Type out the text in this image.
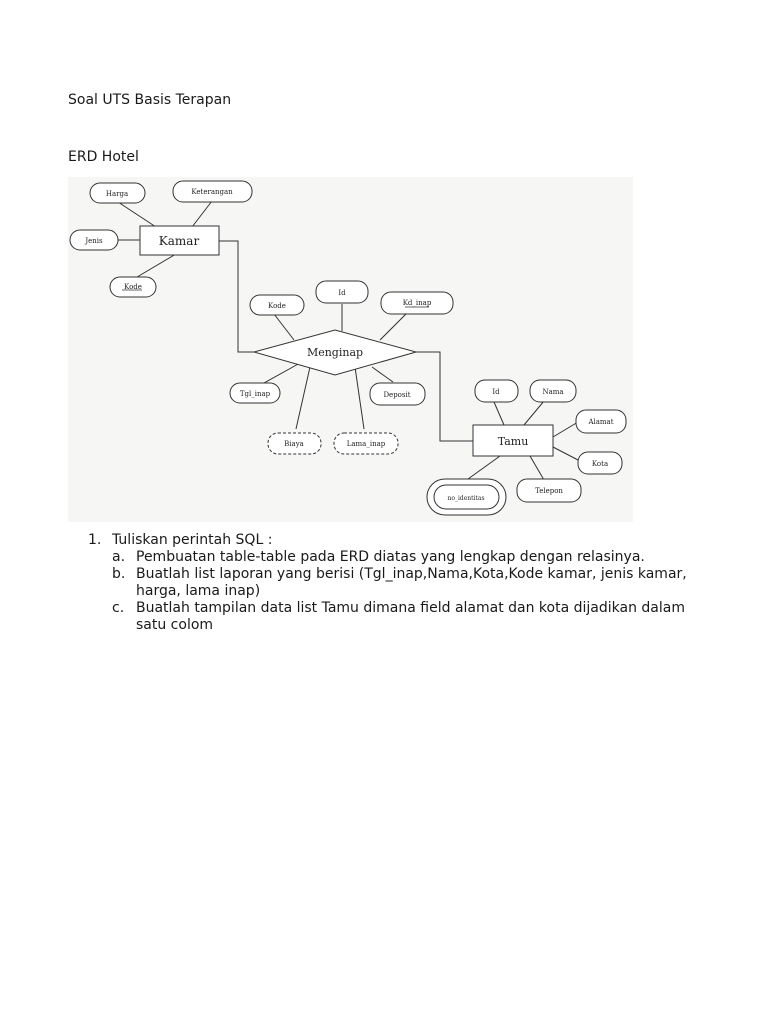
Soal UTS Basis Terapan
ERD Hotel
Kamar
Tamu
Menginap
Harga	Keterangan
Jenis
Kode
Kode
Id
Kd_inap
Tgl_inap	Deposit
Biaya	Lama_inap
Id	Nama
Alamat
Kota
no_identitas
Telepon
1. Tuliskan perintah SQL :
a. Pembuatan table-table pada ERD diatas yang lengkap dengan relasinya.
b. Buatlah list laporan yang berisi (Tgl_inap,Nama,Kota,Kode kamar, jenis kamar, harga, lama inap)
c. Buatlah tampilan data list Tamu dimana field alamat dan kota dijadikan dalam satu colom
